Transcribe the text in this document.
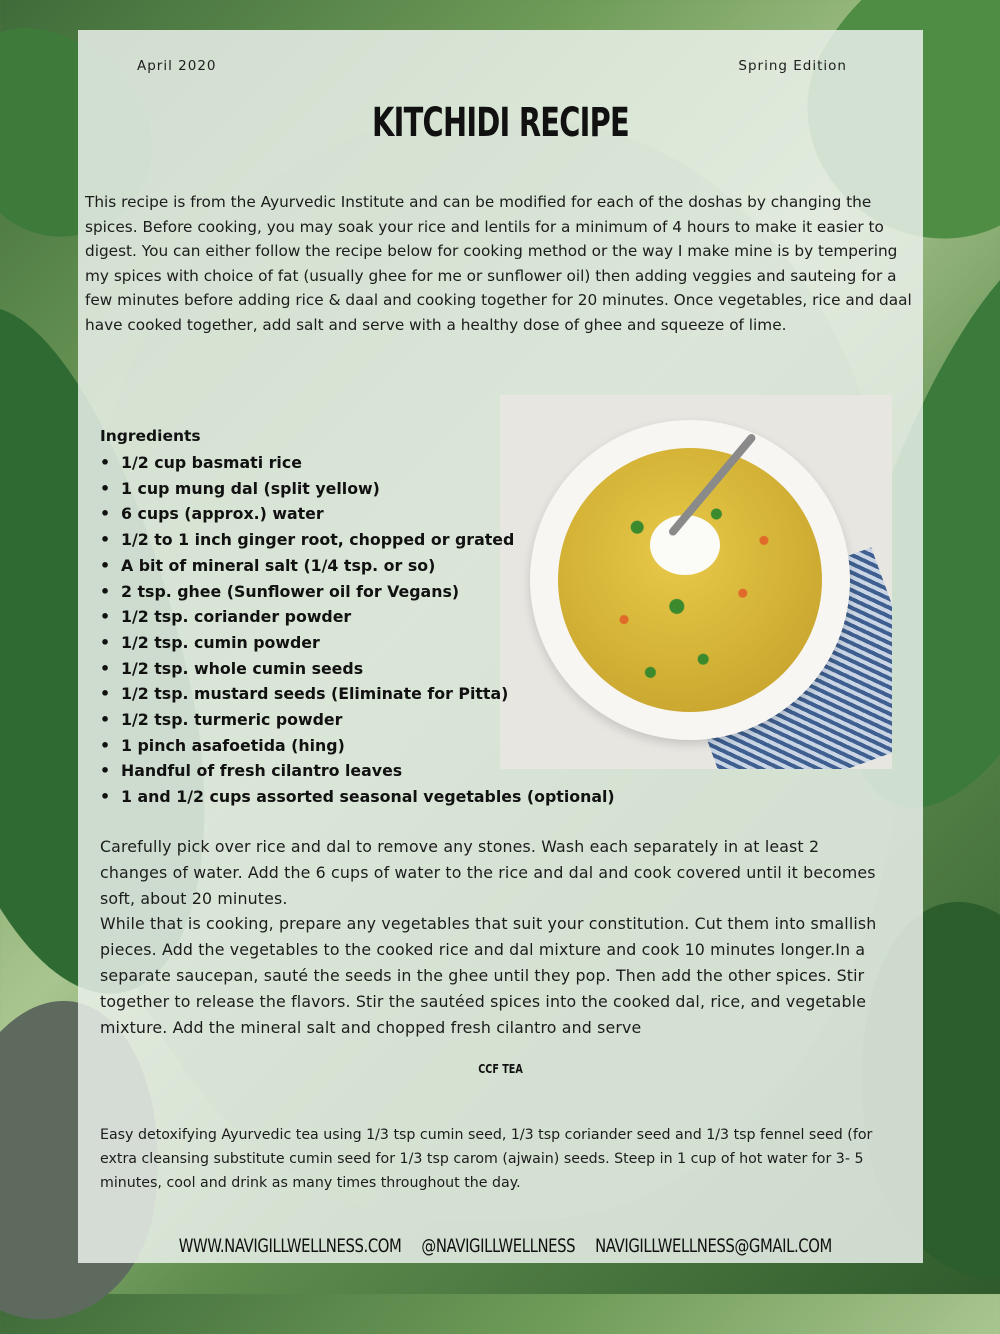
April 2020	Spring Edition
KITCHIDI RECIPE
This recipe is from the Ayurvedic Institute and can be modified for each of the doshas by changing the spices. Before cooking, you may soak your rice and lentils for a minimum of 4 hours to make it easier to digest. You can either follow the recipe below for cooking method or the way I make mine is by tempering my spices with choice of fat (usually ghee for me or sunflower oil) then adding veggies and sauteing for a few minutes before adding rice & daal and cooking together for 20 minutes. Once vegetables, rice and daal have cooked together, add salt and serve with a healthy dose of ghee and squeeze of lime.
Ingredients
• 1/2 cup basmati rice
• 1 cup mung dal (split yellow)
• 6 cups (approx.) water
• 1/2 to 1 inch ginger root, chopped or grated
• A bit of mineral salt (1/4 tsp. or so)
• 2 tsp. ghee (Sunflower oil for Vegans)
• 1/2 tsp. coriander powder
• 1/2 tsp. cumin powder
• 1/2 tsp. whole cumin seeds
• 1/2 tsp. mustard seeds (Eliminate for Pitta)
• 1/2 tsp. turmeric powder
• 1 pinch asafoetida (hing)
• Handful of fresh cilantro leaves
• 1 and 1/2 cups assorted seasonal vegetables (optional)
Carefully pick over rice and dal to remove any stones. Wash each separately in at least 2 changes of water. Add the 6 cups of water to the rice and dal and cook covered until it becomes soft, about 20 minutes.
While that is cooking, prepare any vegetables that suit your constitution. Cut them into smallish pieces. Add the vegetables to the cooked rice and dal mixture and cook 10 minutes longer.In a separate saucepan, sauté the seeds in the ghee until they pop. Then add the other spices. Stir together to release the flavors. Stir the sautéed spices into the cooked dal, rice, and vegetable mixture. Add the mineral salt and chopped fresh cilantro and serve
CCF TEA
Easy detoxifying Ayurvedic tea using 1/3 tsp cumin seed, 1/3 tsp coriander seed and 1/3 tsp fennel seed (for extra cleansing substitute cumin seed for 1/3 tsp carom (ajwain) seeds. Steep in 1 cup of hot water for 3- 5 minutes, cool and drink as many times throughout the day.
WWW.NAVIGILLWELLNESS.COM @NAVIGILLWELLNESS NAVIGILLWELLNESS@GMAIL.COM
